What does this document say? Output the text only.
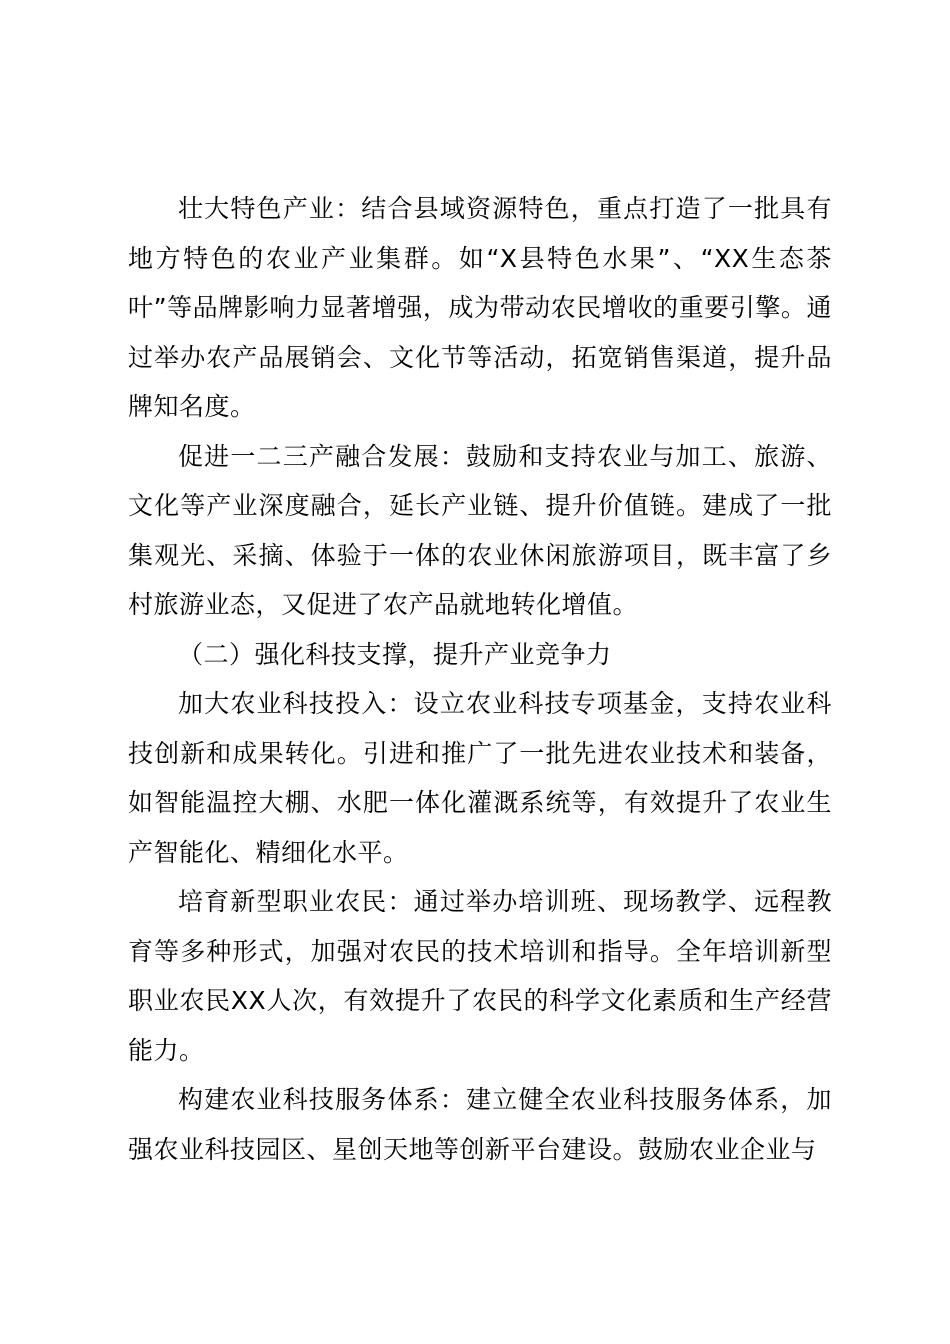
壮大特色产业：结合县域资源特色，重点打造了一批具有地方特色的农业产业集群。如“X县特色水果”、“XX生态茶叶”等品牌影响力显著增强，成为带动农民增收的重要引擎。通过举办农产品展销会、文化节等活动，拓宽销售渠道，提升品牌知名度。

促进一二三产融合发展：鼓励和支持农业与加工、旅游、文化等产业深度融合，延长产业链、提升价值链。建成了一批集观光、采摘、体验于一体的农业休闲旅游项目，既丰富了乡村旅游业态，又促进了农产品就地转化增值。

（二）强化科技支撑，提升产业竞争力

加大农业科技投入：设立农业科技专项基金，支持农业科技创新和成果转化。引进和推广了一批先进农业技术和装备，如智能温控大棚、水肥一体化灌溉系统等，有效提升了农业生产智能化、精细化水平。

培育新型职业农民：通过举办培训班、现场教学、远程教育等多种形式，加强对农民的技术培训和指导。全年培训新型职业农民XX人次，有效提升了农民的科学文化素质和生产经营能力。

构建农业科技服务体系：建立健全农业科技服务体系，加强农业科技园区、星创天地等创新平台建设。鼓励农业企业与
